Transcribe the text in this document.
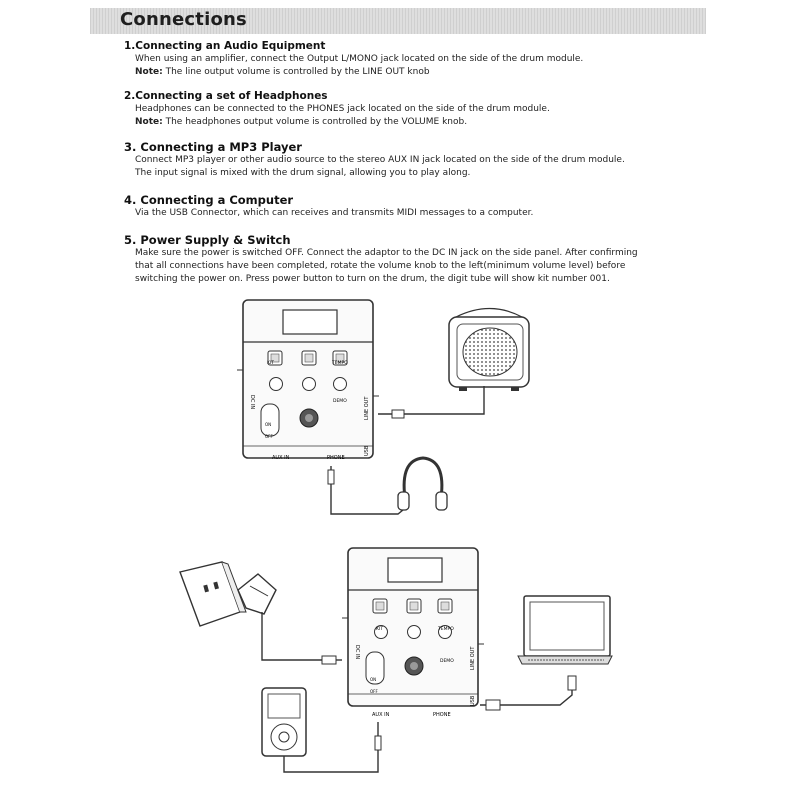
Connections
1.Connecting an Audio Equipment
When using an amplifier, connect the Output L/MONO jack located on the side of the drum module.
Note: The line output volume is controlled by the LINE OUT knob
2.Connecting a set of Headphones
Headphones can be connected to the PHONES jack located on the side of the drum module.
Note: The headphones output volume is controlled by the VOLUME knob.
3. Connecting a MP3 Player
Connect MP3 player or other audio source to the stereo AUX IN jack located on the side of the drum module.
The input signal is mixed with the drum signal, allowing you to play along.
4. Connecting a Computer
Via the USB Connector, which can receives and transmits MIDI messages to a computer.
5. Power Supply & Switch
Make sure the power is switched OFF. Connect the adaptor to the DC IN jack on the side panel. After confirming
that all connections have been completed, rotate the volume knob to the left(minimum volume level) before
switching the power on. Press power button to turn on the drum, the digit tube will show kit number 001.
KIT	TEMPO
DEMO
ON
OFF
AUX IN	PHONE
DC IN	LINE OUT
USB
KIT	TEMPO
DEMO
ON
OFF
AUX IN	PHONE
DC IN	LINE OUT
USB
